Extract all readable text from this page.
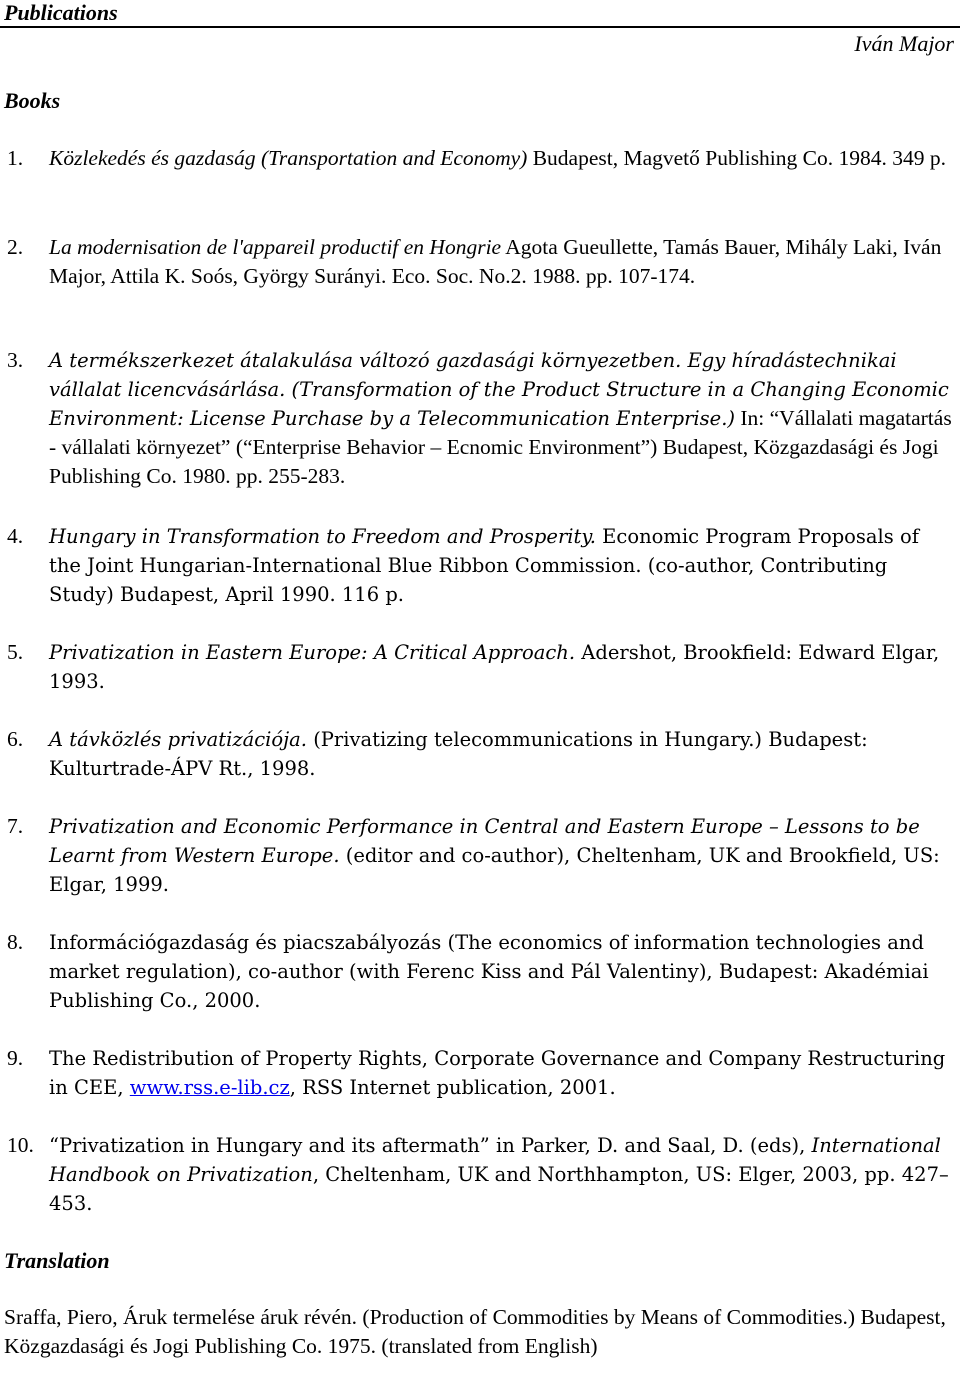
Publications
Iván Major
Books
1. Közlekedés és gazdaság (Transportation and Economy) Budapest, Magvető Publishing Co. 1984. 349 p.
2. La modernisation de l'appareil productif en Hongrie Agota Gueullette, Tamás Bauer, Mihály Laki, Iván Major, Attila K. Soós, György Surányi. Eco. Soc. No.2. 1988. pp. 107-174.
3. A termékszerkezet átalakulása változó gazdasági környezetben. Egy híradástechnikai vállalat licencvásárlása. (Transformation of the Product Structure in a Changing Economic Environment: License Purchase by a Telecommunication Enterprise.) In: “Vállalati magatartás - vállalati környezet” (“Enterprise Behavior – Ecnomic Environment”) Budapest, Közgazdasági és Jogi Publishing Co. 1980. pp. 255-283.
4. Hungary in Transformation to Freedom and Prosperity. Economic Program Proposals of the Joint Hungarian-International Blue Ribbon Commission. (co-author, Contributing Study) Budapest, April 1990. 116 p.
5. Privatization in Eastern Europe: A Critical Approach. Adershot, Brookfield: Edward Elgar, 1993.
6. A távközlés privatizációja. (Privatizing telecommunications in Hungary.) Budapest: Kulturtrade-ÁPV Rt., 1998.
7. Privatization and Economic Performance in Central and Eastern Europe – Lessons to be Learnt from Western Europe. (editor and co-author), Cheltenham, UK and Brookfield, US: Elgar, 1999.
8. Információgazdaság és piacszabályozás (The economics of information technologies and market regulation), co-author (with Ferenc Kiss and Pál Valentiny), Budapest: Akadémiai Publishing Co., 2000.
9. The Redistribution of Property Rights, Corporate Governance and Company Restructuring in CEE, www.rss.e-lib.cz, RSS Internet publication, 2001.
10. “Privatization in Hungary and its aftermath” in Parker, D. and Saal, D. (eds), International Handbook on Privatization, Cheltenham, UK and Northhampton, US: Elger, 2003, pp. 427–453.
Translation
Sraffa, Piero, Áruk termelése áruk révén. (Production of Commodities by Means of Commodities.) Budapest, Közgazdasági és Jogi Publishing Co. 1975. (translated from English)
